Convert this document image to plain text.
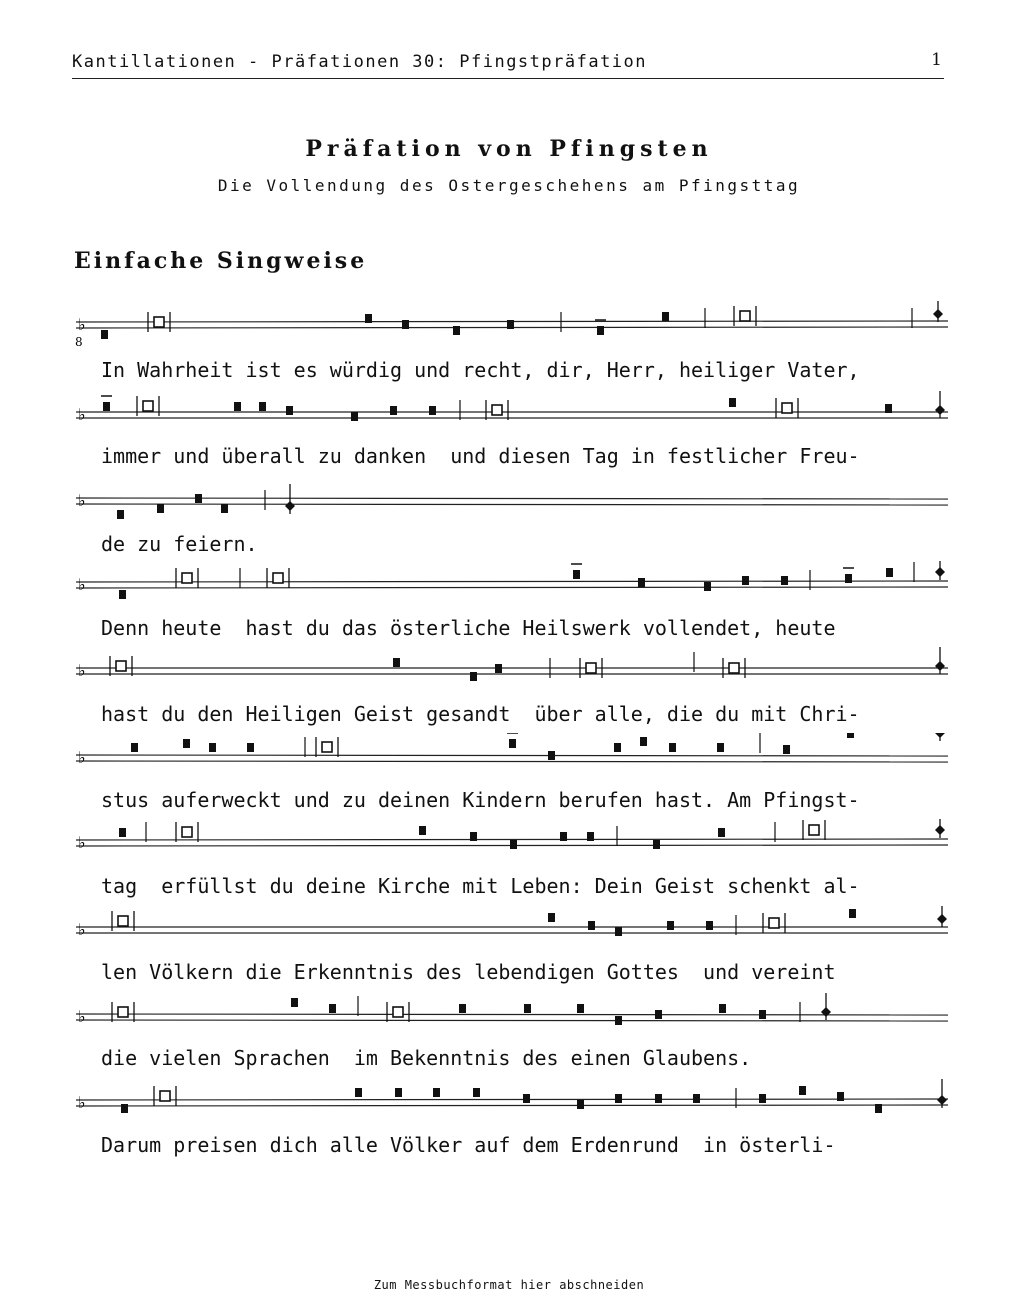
Kantillationen - Präfationen 30: Pfingstpräfation	1
Präfation von Pfingsten
Die Vollendung des Ostergeschehens am Pfingsttag
Einfache Singweise
♭
8
In Wahrheit ist es würdig und recht, dir, Herr, heiliger Vater,
♭
immer und überall zu danken  und diesen Tag in festlicher Freu-
♭
de zu feiern.
♭
Denn heute  hast du das österliche Heilswerk vollendet, heute
♭
hast du den Heiligen Geist gesandt  über alle, die du mit Chri-
♭
stus auferweckt und zu deinen Kindern berufen hast. Am Pfingst-
♭
tag  erfüllst du deine Kirche mit Leben: Dein Geist schenkt al-
♭
len Völkern die Erkenntnis des lebendigen Gottes  und vereint
♭
die vielen Sprachen  im Bekenntnis des einen Glaubens.
♭
Darum preisen dich alle Völker auf dem Erdenrund  in österli-
Zum Messbuchformat hier abschneiden
